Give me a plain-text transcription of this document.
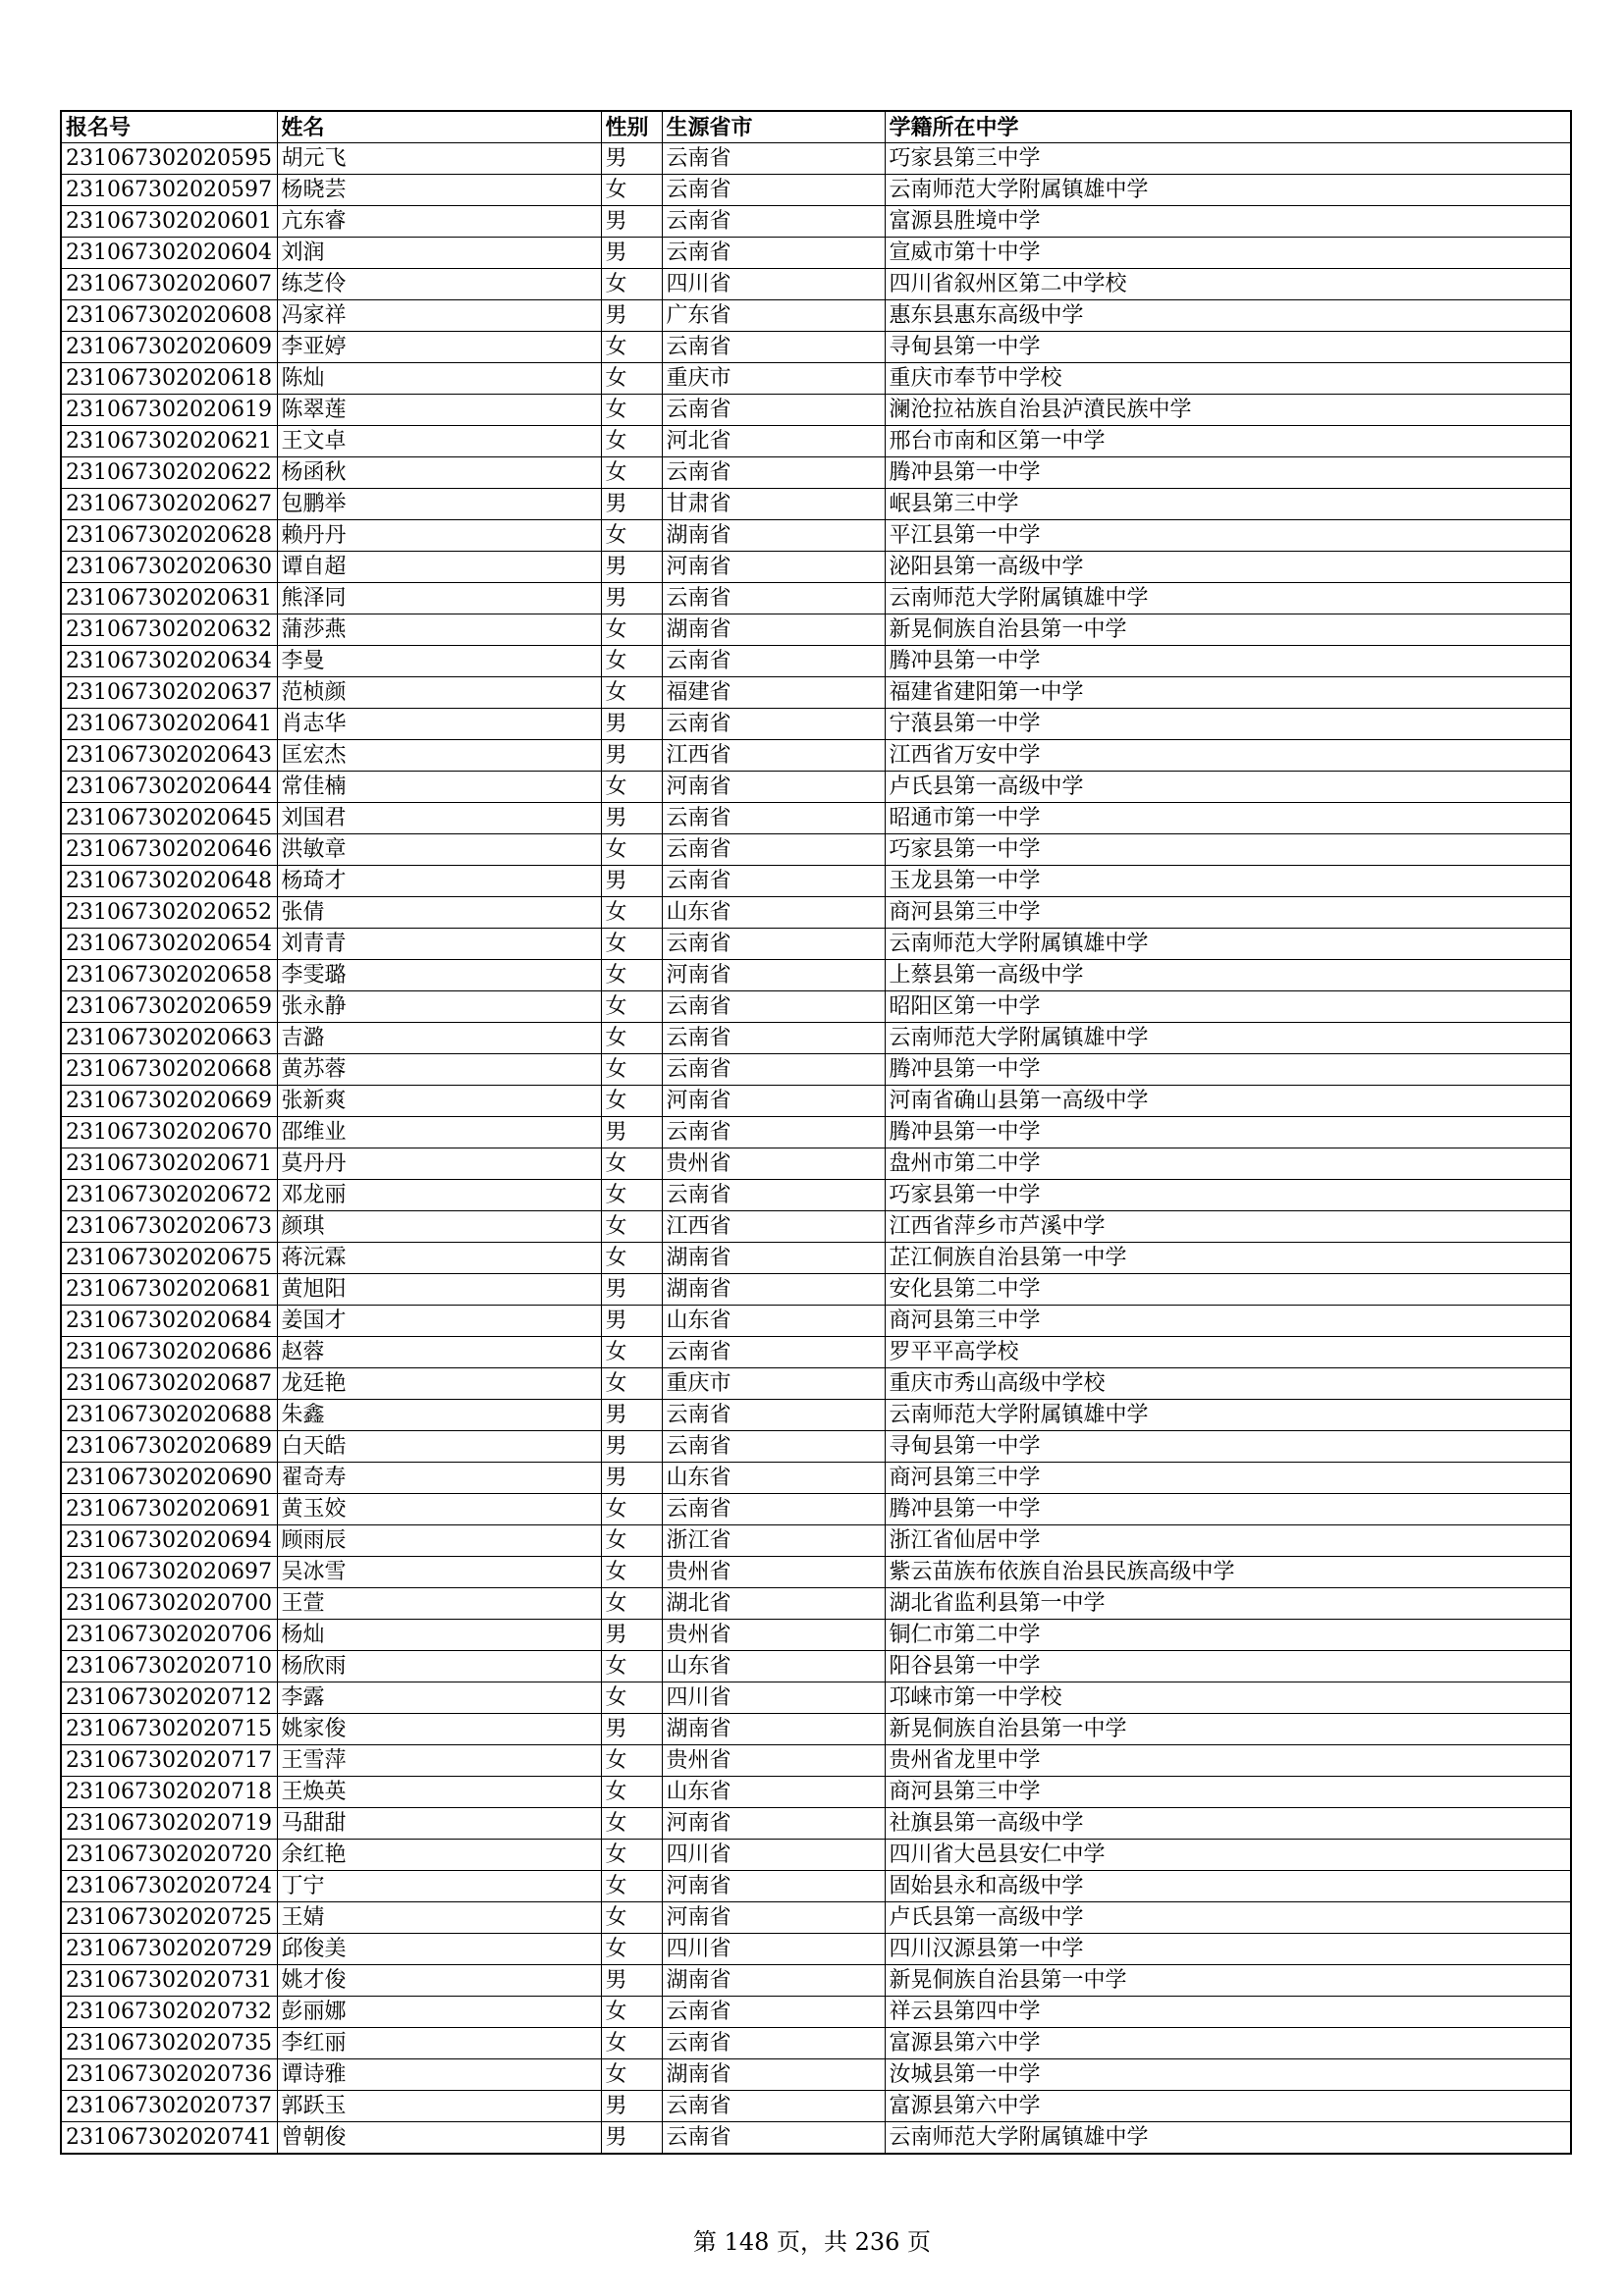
报名号	姓名	性别	生源省市	学籍所在中学
231067302020595	胡元飞	男	云南省	巧家县第三中学
231067302020597	杨晓芸	女	云南省	云南师范大学附属镇雄中学
231067302020601	亢东睿	男	云南省	富源县胜境中学
231067302020604	刘润	男	云南省	宣威市第十中学
231067302020607	练芝伶	女	四川省	四川省叙州区第二中学校
231067302020608	冯家祥	男	广东省	惠东县惠东高级中学
231067302020609	李亚婷	女	云南省	寻甸县第一中学
231067302020618	陈灿	女	重庆市	重庆市奉节中学校
231067302020619	陈翠莲	女	云南省	澜沧拉祜族自治县泸濆民族中学
231067302020621	王文卓	女	河北省	邢台市南和区第一中学
231067302020622	杨函秋	女	云南省	腾冲县第一中学
231067302020627	包鹏举	男	甘肃省	岷县第三中学
231067302020628	赖丹丹	女	湖南省	平江县第一中学
231067302020630	谭自超	男	河南省	泌阳县第一高级中学
231067302020631	熊泽同	男	云南省	云南师范大学附属镇雄中学
231067302020632	蒲莎燕	女	湖南省	新晃侗族自治县第一中学
231067302020634	李曼	女	云南省	腾冲县第一中学
231067302020637	范桢颜	女	福建省	福建省建阳第一中学
231067302020641	肖志华	男	云南省	宁蒗县第一中学
231067302020643	匡宏杰	男	江西省	江西省万安中学
231067302020644	常佳楠	女	河南省	卢氏县第一高级中学
231067302020645	刘国君	男	云南省	昭通市第一中学
231067302020646	洪敏章	女	云南省	巧家县第一中学
231067302020648	杨琦才	男	云南省	玉龙县第一中学
231067302020652	张倩	女	山东省	商河县第三中学
231067302020654	刘青青	女	云南省	云南师范大学附属镇雄中学
231067302020658	李雯璐	女	河南省	上蔡县第一高级中学
231067302020659	张永静	女	云南省	昭阳区第一中学
231067302020663	吉潞	女	云南省	云南师范大学附属镇雄中学
231067302020668	黄苏蓉	女	云南省	腾冲县第一中学
231067302020669	张新爽	女	河南省	河南省确山县第一高级中学
231067302020670	邵维业	男	云南省	腾冲县第一中学
231067302020671	莫丹丹	女	贵州省	盘州市第二中学
231067302020672	邓龙丽	女	云南省	巧家县第一中学
231067302020673	颜琪	女	江西省	江西省萍乡市芦溪中学
231067302020675	蒋沅霖	女	湖南省	芷江侗族自治县第一中学
231067302020681	黄旭阳	男	湖南省	安化县第二中学
231067302020684	姜国才	男	山东省	商河县第三中学
231067302020686	赵蓉	女	云南省	罗平平高学校
231067302020687	龙廷艳	女	重庆市	重庆市秀山高级中学校
231067302020688	朱鑫	男	云南省	云南师范大学附属镇雄中学
231067302020689	白天皓	男	云南省	寻甸县第一中学
231067302020690	翟奇寿	男	山东省	商河县第三中学
231067302020691	黄玉姣	女	云南省	腾冲县第一中学
231067302020694	顾雨辰	女	浙江省	浙江省仙居中学
231067302020697	吴冰雪	女	贵州省	紫云苗族布依族自治县民族高级中学
231067302020700	王萱	女	湖北省	湖北省监利县第一中学
231067302020706	杨灿	男	贵州省	铜仁市第二中学
231067302020710	杨欣雨	女	山东省	阳谷县第一中学
231067302020712	李露	女	四川省	邛崃市第一中学校
231067302020715	姚家俊	男	湖南省	新晃侗族自治县第一中学
231067302020717	王雪萍	女	贵州省	贵州省龙里中学
231067302020718	王焕英	女	山东省	商河县第三中学
231067302020719	马甜甜	女	河南省	社旗县第一高级中学
231067302020720	余红艳	女	四川省	四川省大邑县安仁中学
231067302020724	丁宁	女	河南省	固始县永和高级中学
231067302020725	王婧	女	河南省	卢氏县第一高级中学
231067302020729	邱俊美	女	四川省	四川汉源县第一中学
231067302020731	姚才俊	男	湖南省	新晃侗族自治县第一中学
231067302020732	彭丽娜	女	云南省	祥云县第四中学
231067302020735	李红丽	女	云南省	富源县第六中学
231067302020736	谭诗雅	女	湖南省	汝城县第一中学
231067302020737	郭跃玉	男	云南省	富源县第六中学
231067302020741	曾朝俊	男	云南省	云南师范大学附属镇雄中学
第 148 页，共 236 页
